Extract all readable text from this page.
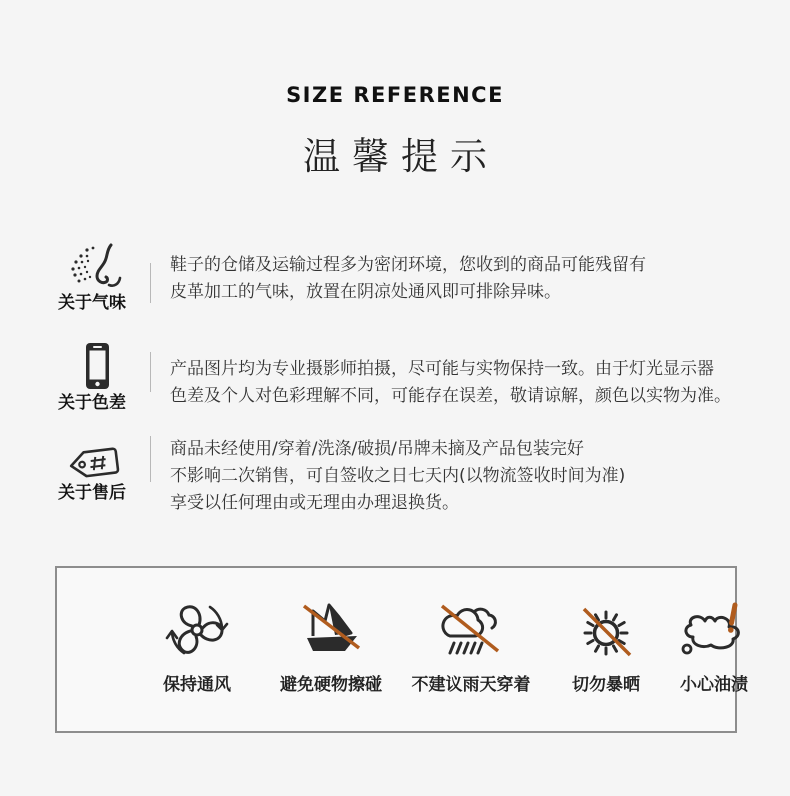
SIZE REFERENCE
温馨提示
关于气味
鞋子的仓储及运输过程多为密闭环境，您收到的商品可能残留有
皮革加工的气味，放置在阴凉处通风即可排除异味。
关于色差
产品图片均为专业摄影师拍摄，尽可能与实物保持一致。由于灯光显示器
色差及个人对色彩理解不同，可能存在误差，敬请谅解，颜色以实物为准。
关于售后
商品未经使用/穿着/洗涤/破损/吊牌未摘及产品包装完好
不影响二次销售，可自签收之日七天内(以物流签收时间为准)
享受以任何理由或无理由办理退换货。
保持通风	避免硬物擦碰	不建议雨天穿着	切勿暴晒	小心油渍
